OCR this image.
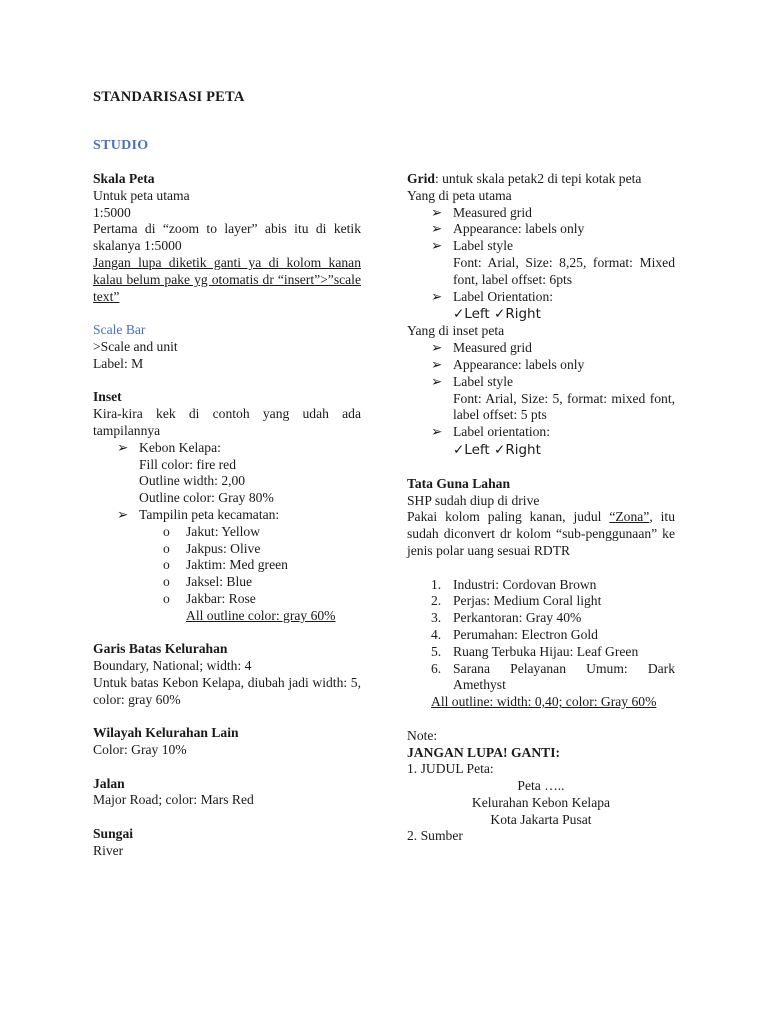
STANDARISASI PETA
STUDIO

Skala Peta

Untuk peta utama

1:5000

Pertama di “zoom to layer” abis itu di ketik skalanya 1:5000

Jangan lupa diketik ganti ya di kolom kanan kalau belum pake yg otomatis dr “insert”>”scale text”

Scale Bar

>Scale and unit

Label: M

Inset

Kira-kira kek di contoh yang udah ada tampilannya

➢ Kebon Kelapa:

Fill color: fire red

Outline width: 2,00

Outline color: Gray 80%

➢ Tampilin peta kecamatan:

o Jakut: Yellow

o Jakpus: Olive

o Jaktim: Med green

o Jaksel: Blue

o Jakbar: Rose

All outline color: gray 60%

Garis Batas Kelurahan

Boundary, National; width: 4

Untuk batas Kebon Kelapa, diubah jadi width: 5, color: gray 60%

Wilayah Kelurahan Lain

Color: Gray 10%

Jalan

Major Road; color: Mars Red

Sungai

River

Grid: untuk skala petak2 di tepi kotak peta

Yang di peta utama

➢ Measured grid

➢ Appearance: labels only

➢ Label style

Font: Arial, Size: 8,25, format: Mixed font, label offset: 6pts

➢ Label Orientation:

✓Left ✓Right

Yang di inset peta

➢ Measured grid

➢ Appearance: labels only

➢ Label style

Font: Arial, Size: 5, format: mixed font, label offset: 5 pts

➢ Label orientation:

✓Left ✓Right

Tata Guna Lahan

SHP sudah diup di drive

Pakai kolom paling kanan, judul “Zona”, itu sudah diconvert dr kolom “sub-penggunaan” ke jenis polar uang sesuai RDTR

1. Industri: Cordovan Brown

2. Perjas: Medium Coral light

3. Perkantoran: Gray 40%

4. Perumahan: Electron Gold

5. Ruang Terbuka Hijau: Leaf Green

6. Sarana Pelayanan Umum: Dark Amethyst

All outline: width: 0,40; color: Gray 60%

Note:

JANGAN LUPA! GANTI:

1. JUDUL Peta:

Peta …..

Kelurahan Kebon Kelapa

Kota Jakarta Pusat

2. Sumber
